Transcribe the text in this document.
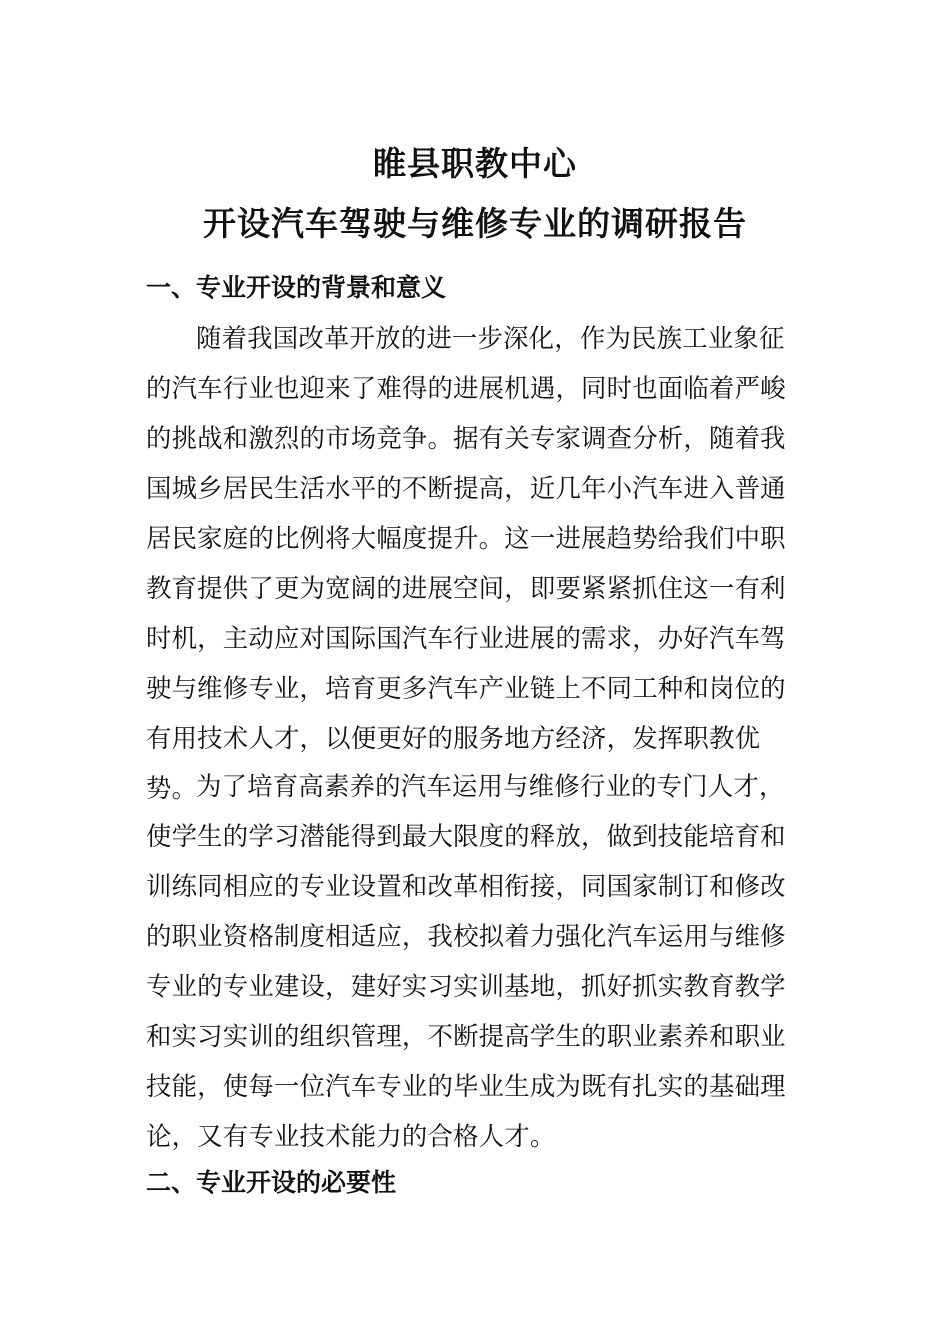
睢县职教中心
开设汽车驾驶与维修专业的调研报告
一、专业开设的背景和意义

随着我国改革开放的进一步深化，作为民族工业象征的汽车行业也迎来了难得的进展机遇，同时也面临着严峻的挑战和激烈的市场竞争。据有关专家调查分析，随着我国城乡居民生活水平的不断提高，近几年小汽车进入普通居民家庭的比例将大幅度提升。这一进展趋势给我们中职教育提供了更为宽阔的进展空间，即要紧紧抓住这一有利时机，主动应对国际国汽车行业进展的需求，办好汽车驾驶与维修专业，培育更多汽车产业链上不同工种和岗位的有用技术人才，以便更好的服务地方经济，发挥职教优势。

为了培育高素养的汽车运用与维修行业的专门人才，使学生的学习潜能得到最大限度的释放，做到技能培育和训练同相应的专业设置和改革相衔接，同国家制订和修改的职业资格制度相适应，我校拟着力强化汽车运用与维修专业的专业建设，建好实习实训基地，抓好抓实教育教学和实习实训的组织管理，不断提高学生的职业素养和职业技能，使每一位汽车专业的毕业生成为既有扎实的基础理论，又有专业技术能力的合格人才。

二、专业开设的必要性
